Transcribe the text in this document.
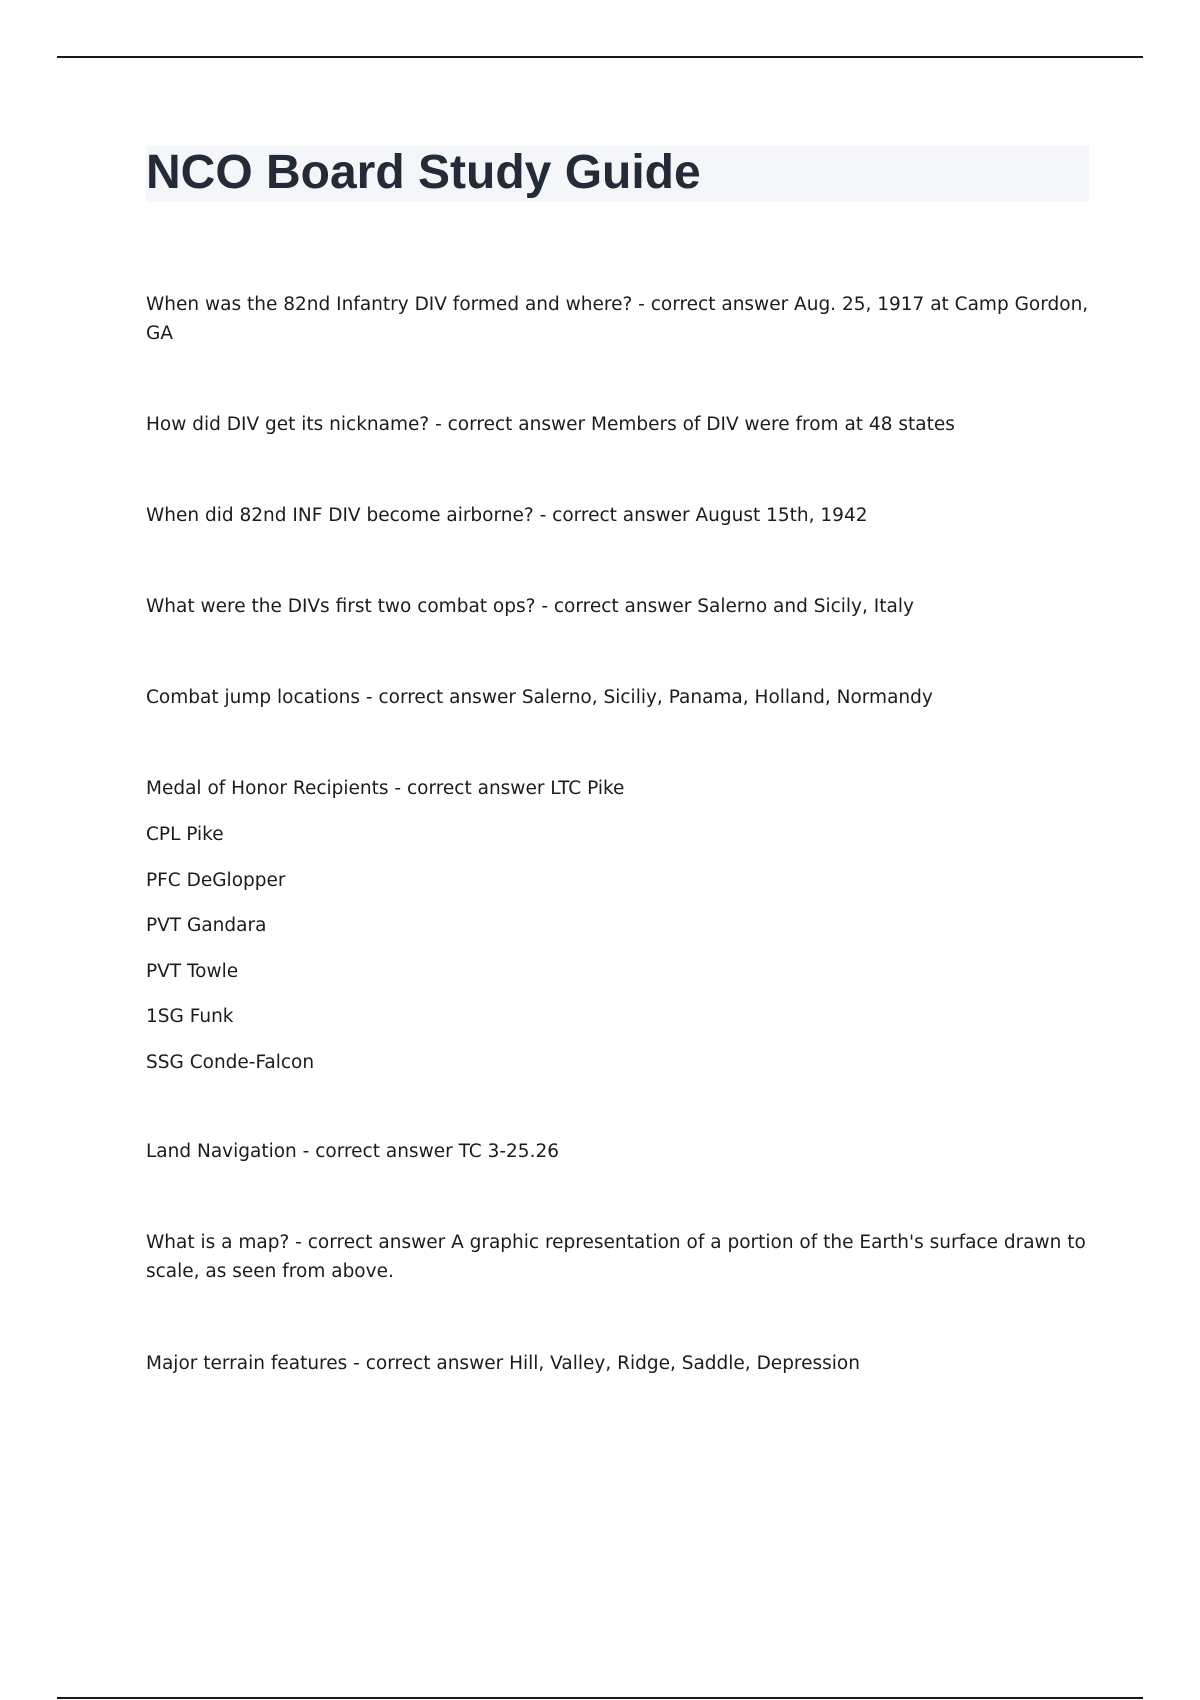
NCO Board Study Guide

When was the 82nd Infantry DIV formed and where? - correct answer Aug. 25, 1917 at Camp Gordon, GA

How did DIV get its nickname? - correct answer Members of DIV were from at 48 states

When did 82nd INF DIV become airborne? - correct answer August 15th, 1942

What were the DIVs first two combat ops? - correct answer Salerno and Sicily, Italy

Combat jump locations - correct answer Salerno, Siciliy, Panama, Holland, Normandy

Medal of Honor Recipients - correct answer LTC Pike

CPL Pike
PFC DeGlopper
PVT Gandara
PVT Towle
1SG Funk
SSG Conde-Falcon

Land Navigation - correct answer TC 3-25.26

What is a map? - correct answer A graphic representation of a portion of the Earth's surface drawn to scale, as seen from above.

Major terrain features - correct answer Hill, Valley, Ridge, Saddle, Depression
